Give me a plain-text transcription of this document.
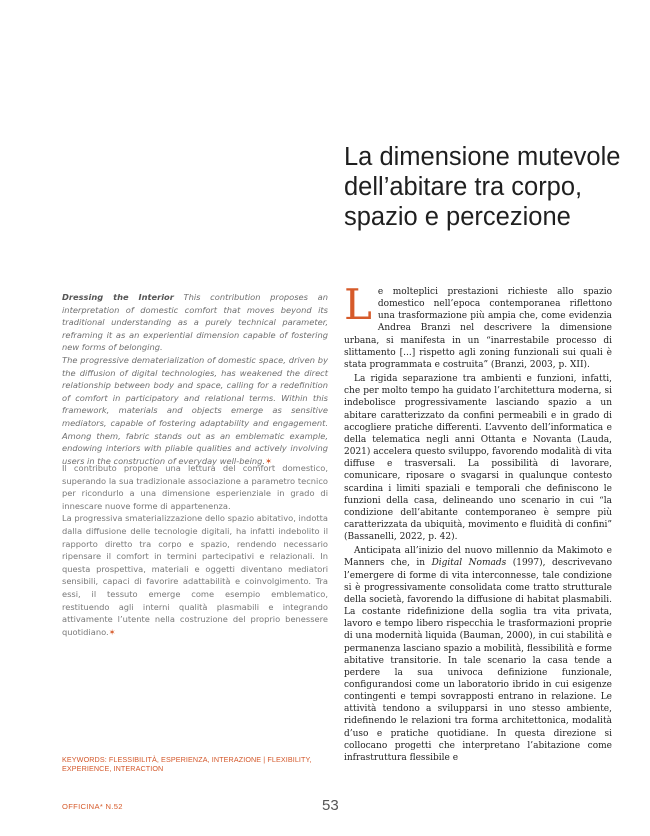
La dimensione mutevole dell’abitare tra corpo, spazio e percezione

Dressing the Interior This contribution proposes an interpretation of domestic comfort that moves beyond its traditional understanding as a purely technical parameter, reframing it as an experiential dimension capable of fostering new forms of belonging.

The progressive dematerialization of domestic space, driven by the diffusion of digital technologies, has weakened the direct relationship between body and space, calling for a redefinition of comfort in participatory and relational terms. Within this framework, materials and objects emerge as sensitive mediators, capable of fostering adaptability and engagement. Among them, fabric stands out as an emblematic example, endowing interiors with pliable qualities and actively involving users in the construction of everyday well-being.✶

Il contributo propone una lettura del comfort domestico, superando la sua tradizionale associazione a parametro tecnico per ricondurlo a una dimensione esperienziale in grado di innescare nuove forme di appartenenza.

La progressiva smaterializzazione dello spazio abitativo, indotta dalla diffusione delle tecnologie digitali, ha infatti indebolito il rapporto diretto tra corpo e spazio, rendendo necessario ripensare il comfort in termini partecipativi e relazionali. In questa prospettiva, materiali e oggetti diventano mediatori sensibili, capaci di favorire adattabilità e coinvolgimento. Tra essi, il tessuto emerge come esempio emblematico, restituendo agli interni qualità plasmabili e integrando attivamente l’utente nella costruzione del proprio benessere quotidiano.✶

KEYWORDS: FLESSIBILITÀ, ESPERIENZA, INTERAZIONE | FLEXIBILITY, EXPERIENCE, INTERACTION

Le molteplici prestazioni richieste allo spazio domestico nell’epoca contemporanea riflettono una trasformazione più ampia che, come evidenzia Andrea Branzi nel descrivere la dimensione urbana, si manifesta in un “inarrestabile processo di slittamento [...] rispetto agli zoning funzionali sui quali è stata programmata e costruita” (Branzi, 2003, p. XII).

La rigida separazione tra ambienti e funzioni, infatti, che per molto tempo ha guidato l’architettura moderna, si indebolisce progressivamente lasciando spazio a un abitare caratterizzato da confini permeabili e in grado di accogliere pratiche differenti. L’avvento dell’informatica e della telematica negli anni Ottanta e Novanta (Lauda, 2021) accelera questo sviluppo, favorendo modalità di vita diffuse e trasversali. La possibilità di lavorare, comunicare, riposare o svagarsi in qualunque contesto scardina i limiti spaziali e temporali che definiscono le funzioni della casa, delineando uno scenario in cui “la condizione dell’abitante contemporaneo è sempre più caratterizzata da ubiquità, movimento e fluidità di confini” (Bassanelli, 2022, p. 42).

Anticipata all’inizio del nuovo millennio da Makimoto e Manners che, in Digital Nomads (1997), descrivevano l’emergere di forme di vita interconnesse, tale condizione si è progressivamente consolidata come tratto strutturale della società, favorendo la diffusione di habitat plasmabili. La costante ridefinizione della soglia tra vita privata, lavoro e tempo libero rispecchia le trasformazioni proprie di una modernità liquida (Bauman, 2000), in cui stabilità e permanenza lasciano spazio a mobilità, flessibilità e forme abitative transitorie. In tale scenario la casa tende a perdere la sua univoca definizione funzionale, configurandosi come un laboratorio ibrido in cui esigenze contingenti e tempi sovrapposti entrano in relazione. Le attività tendono a svilupparsi in uno stesso ambiente, ridefinendo le relazioni tra forma architettonica, modalità d’uso e pratiche quotidiane. In questa direzione si collocano progetti che interpretano l’abitazione come infrastruttura flessibile e

OFFICINA* N.52	53
